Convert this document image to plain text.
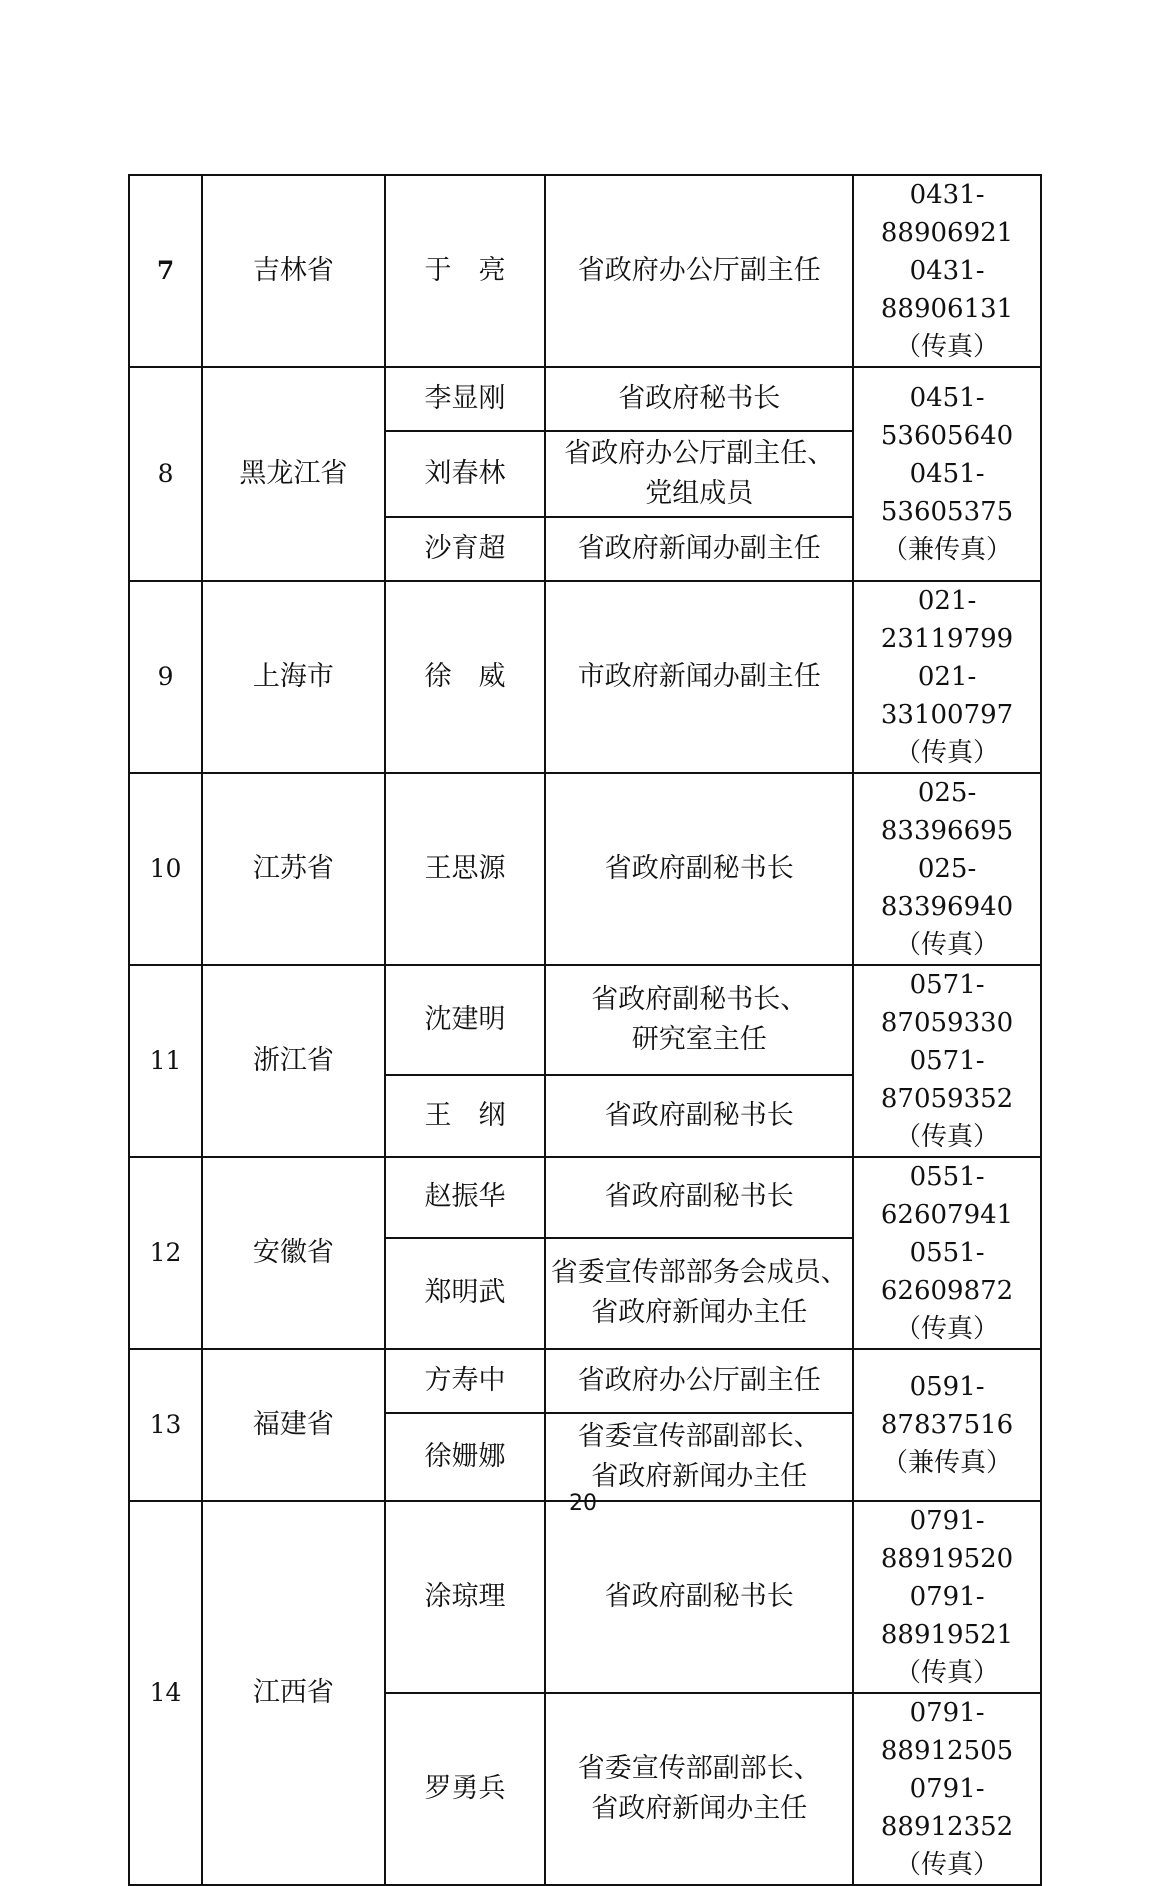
7	吉林省	于　亮	省政府办公厅副主任	0431-88906921
0431-88906131
（传真）
8	黑龙江省	李显刚	省政府秘书长	0451-53605640
0451-53605375
（兼传真）
		刘春林	省政府办公厅副主任、
党组成员	
		沙育超	省政府新闻办副主任	
9	上海市	徐　威	市政府新闻办副主任	021-23119799
021-33100797
（传真）
10	江苏省	王思源	省政府副秘书长	025-83396695
025-83396940
（传真）
11	浙江省	沈建明	省政府副秘书长、
研究室主任	0571-87059330
0571-87059352
（传真）
		王　纲	省政府副秘书长	
12	安徽省	赵振华	省政府副秘书长	0551-62607941
0551-62609872
（传真）
		郑明武	省委宣传部部务会成员、
省政府新闻办主任	
13	福建省	方寿中	省政府办公厅副主任	0591-87837516
（兼传真）
		徐姗娜	省委宣传部副部长、
省政府新闻办主任	
14	江西省	涂琼理	省政府副秘书长	0791-88919520
0791-88919521
（传真）
		罗勇兵	省委宣传部副部长、
省政府新闻办主任	0791-88912505
0791-88912352
（传真）
20
